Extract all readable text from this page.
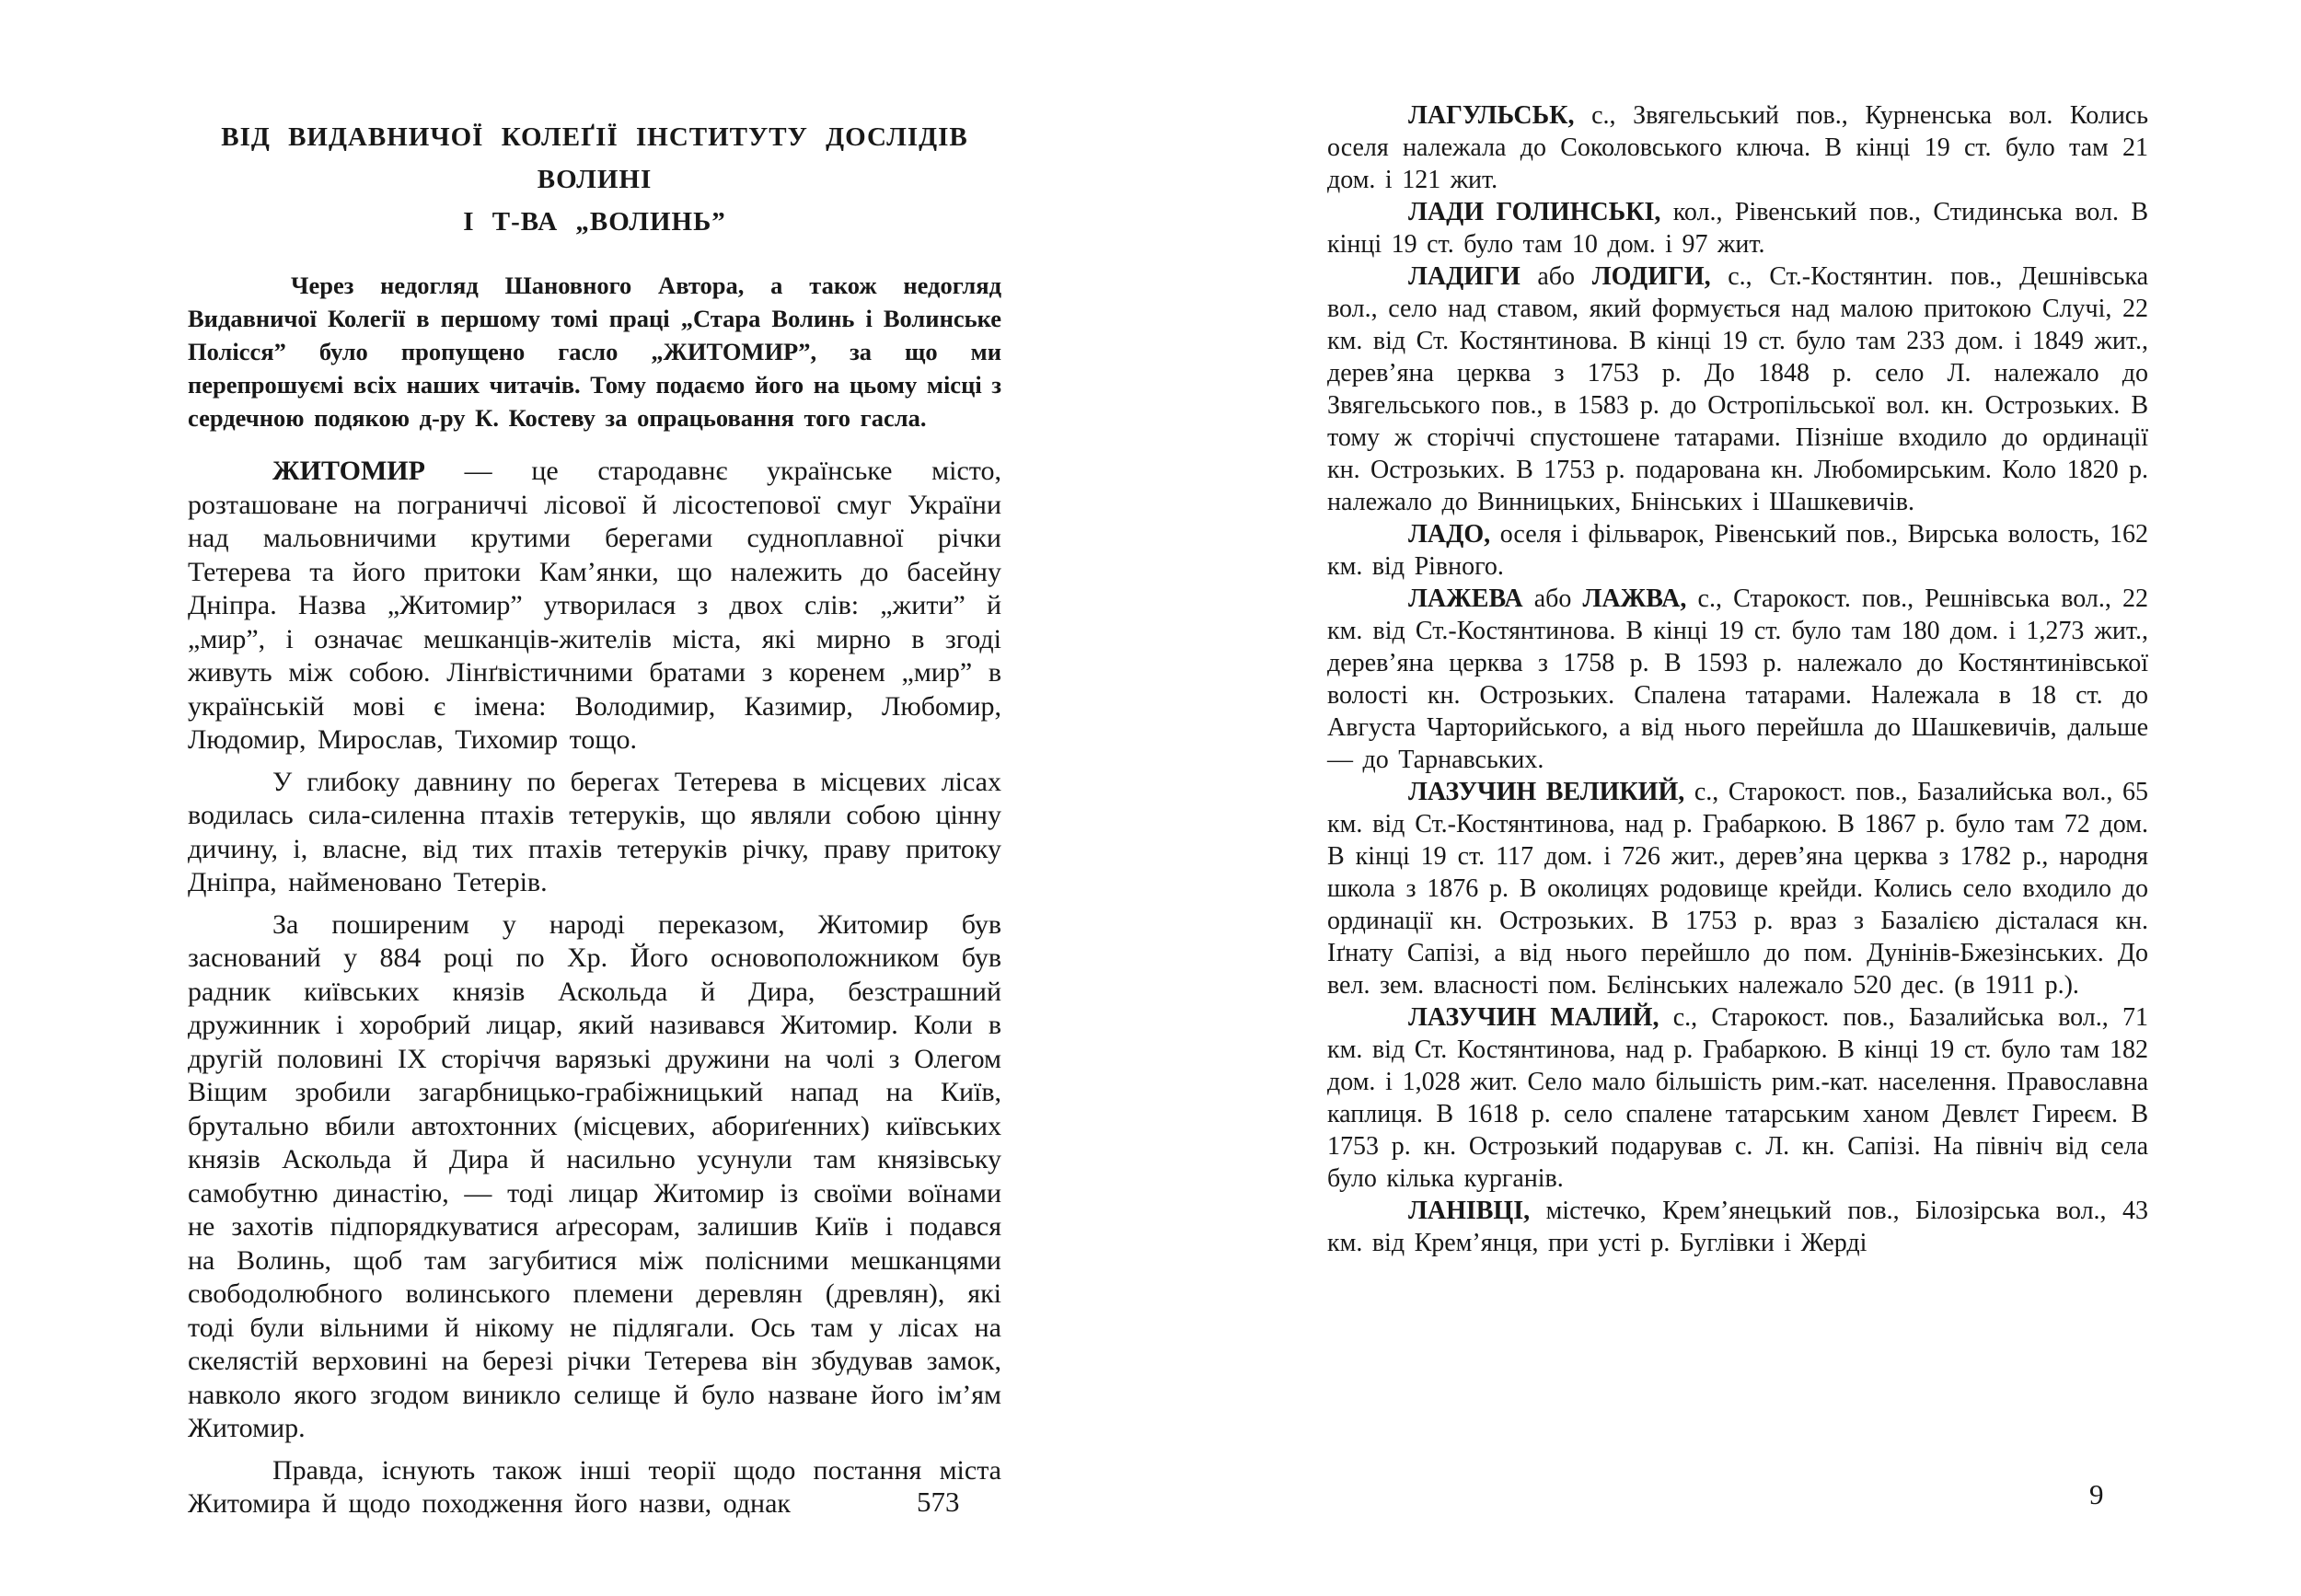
ВІД ВИДАВНИЧОЇ КОЛЕҐІЇ ІНСТИТУТУ ДОСЛІДІВ ВОЛИНІ
І Т-ВА „ВОЛИНЬ”

Через недогляд Шановного Автора, а також недогляд Видавничої Колегії в першому томі праці „Стара Волинь і Волинське Полісся” було пропущено гасло „ЖИТОМИР”, за що ми перепрошуємі всіх наших читачів. Тому подаємо його на цьому місці з сердечною подякою д-ру К. Костеву за опрацьовання того гасла.

ЖИТОМИР — це стародавнє українське місто, розташоване на пограниччі лісової й лісостепової смуг України над мальовничими крутими берегами судноплавної річки Тетерева та його притоки Кам’янки, що належить до басейну Дніпра. Назва „Житомир” утворилася з двох слів: „жити” й „мир”, і означає мешканців-жителів міста, які мирно в згоді живуть між собою. Лінґвістичними братами з коренем „мир” в українській мові є імена: Володимир, Казимир, Любомир, Людомир, Мирослав, Тихомир тощо.

У глибоку давнину по берегах Тетерева в місцевих лісах водилась сила-силенна птахів тетеруків, що являли собою цінну дичину, і, власне, від тих птахів тетеруків річку, праву притоку Дніпра, найменовано Тетерів.

За поширеним у народі переказом, Житомир був заснований у 884 році по Хр. Його основоположником був радник київських князів Аскольда й Дира, безстрашний дружинник і хоробрий лицар, який називався Житомир. Коли в другій половині IX сторіччя варязькі дружини на чолі з Олегом Віщим зробили загарбницько-грабіжницький напад на Київ, брутально вбили автохтонних (місцевих, абориґенних) київських князів Аскольда й Дира й насильно усунули там князівську самобутню династію, — тоді лицар Житомир із своїми воїнами не захотів підпорядкуватися аґресорам, залишив Київ і подався на Волинь, щоб там загубитися між полісними мешканцями свободолюбного волинського племени деревлян (древлян), які тоді були вільними й нікому не підлягали. Ось там у лісах на скелястій верховині на березі річки Тетерева він збудував замок, навколо якого згодом виникло селище й було назване його ім’ям Житомир.

Правда, існують також інші теорії щодо постання міста Житомира й щодо походження його назви, однак

ЛАГУЛЬСЬК, с., Звягельський пов., Курненська вол. Колись оселя належала до Соколовського ключа. В кінці 19 ст. було там 21 дом. і 121 жит.

ЛАДИ ГОЛИНСЬКІ, кол., Рівенський пов., Стидинська вол. В кінці 19 ст. було там 10 дом. і 97 жит.

ЛАДИГИ або ЛОДИГИ, с., Ст.-Костянтин. пов., Дешнівська вол., село над ставом, який формується над малою притокою Случі, 22 км. від Ст. Костянтинова. В кінці 19 ст. було там 233 дом. і 1849 жит., дерев’яна церква з 1753 р. До 1848 р. село Л. належало до Звягельського пов., в 1583 р. до Остропільської вол. кн. Острозьких. В тому ж сторіччі спустошене татарами. Пізніше входило до ординації кн. Острозьких. В 1753 р. подарована кн. Любомирським. Коло 1820 р. належало до Винницьких, Бнінських і Шашкевичів.

ЛАДО, оселя і фільварок, Рівенський пов., Вирська волость, 162 км. від Рівного.

ЛАЖЕВА або ЛАЖВА, с., Старокост. пов., Решнівська вол., 22 км. від Ст.-Костянтинова. В кінці 19 ст. було там 180 дом. і 1,273 жит., дерев’яна церква з 1758 р. В 1593 р. належало до Костянтинівської волості кн. Острозьких. Спалена татарами. Належала в 18 ст. до Августа Чарторийського, а від нього перейшла до Шашкевичів, дальше — до Тарнавських.

ЛАЗУЧИН ВЕЛИКИЙ, с., Старокост. пов., Базалийська вол., 65 км. від Ст.-Костянтинова, над р. Грабаркою. В 1867 р. було там 72 дом. В кінці 19 ст. 117 дом. і 726 жит., дерев’яна церква з 1782 р., народня школа з 1876 р. В околицях родовище крейди. Колись село входило до ординації кн. Острозьких. В 1753 р. враз з Базалією дісталася кн. Іґнату Сапізі, а від нього перейшло до пом. Дунінів-Бжезінських. До вел. зем. власності пом. Бєлінських належало 520 дес. (в 1911 р.).

ЛАЗУЧИН МАЛИЙ, с., Старокост. пов., Базалийська вол., 71 км. від Ст. Костянтинова, над р. Грабаркою. В кінці 19 ст. було там 182 дом. і 1,028 жит. Село мало більшість рим.-кат. населення. Православна каплиця. В 1618 р. село спалене татарським ханом Девлєт Гиреєм. В 1753 р. кн. Острозький подарував с. Л. кн. Сапізі. На північ від села було кілька курганів.

ЛАНІВЦІ, містечко, Крем’янецький пов., Білозірська вол., 43 км. від Крем’янця, при усті р. Буглівки і Жерді

573	9
